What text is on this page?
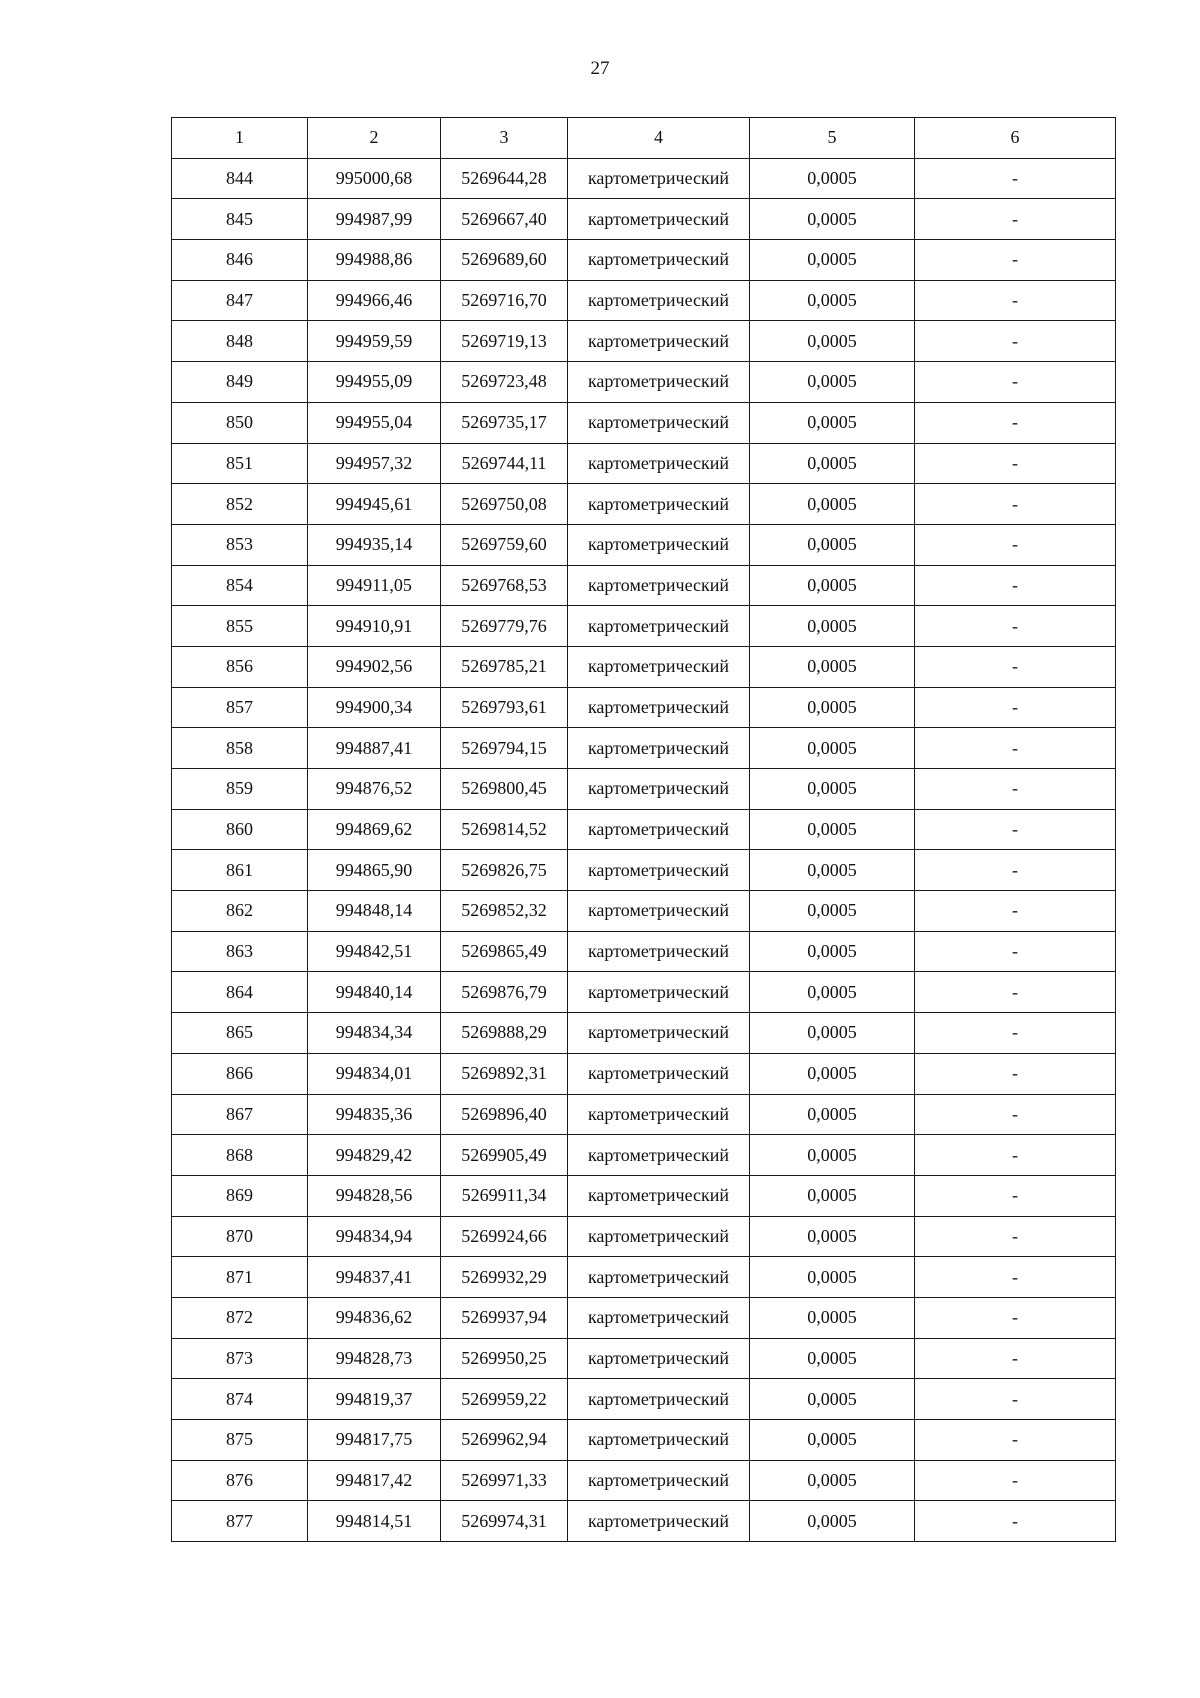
27
1	2	3	4	5	6
844	995000,68	5269644,28	картометрический	0,0005	-
845	994987,99	5269667,40	картометрический	0,0005	-
846	994988,86	5269689,60	картометрический	0,0005	-
847	994966,46	5269716,70	картометрический	0,0005	-
848	994959,59	5269719,13	картометрический	0,0005	-
849	994955,09	5269723,48	картометрический	0,0005	-
850	994955,04	5269735,17	картометрический	0,0005	-
851	994957,32	5269744,11	картометрический	0,0005	-
852	994945,61	5269750,08	картометрический	0,0005	-
853	994935,14	5269759,60	картометрический	0,0005	-
854	994911,05	5269768,53	картометрический	0,0005	-
855	994910,91	5269779,76	картометрический	0,0005	-
856	994902,56	5269785,21	картометрический	0,0005	-
857	994900,34	5269793,61	картометрический	0,0005	-
858	994887,41	5269794,15	картометрический	0,0005	-
859	994876,52	5269800,45	картометрический	0,0005	-
860	994869,62	5269814,52	картометрический	0,0005	-
861	994865,90	5269826,75	картометрический	0,0005	-
862	994848,14	5269852,32	картометрический	0,0005	-
863	994842,51	5269865,49	картометрический	0,0005	-
864	994840,14	5269876,79	картометрический	0,0005	-
865	994834,34	5269888,29	картометрический	0,0005	-
866	994834,01	5269892,31	картометрический	0,0005	-
867	994835,36	5269896,40	картометрический	0,0005	-
868	994829,42	5269905,49	картометрический	0,0005	-
869	994828,56	5269911,34	картометрический	0,0005	-
870	994834,94	5269924,66	картометрический	0,0005	-
871	994837,41	5269932,29	картометрический	0,0005	-
872	994836,62	5269937,94	картометрический	0,0005	-
873	994828,73	5269950,25	картометрический	0,0005	-
874	994819,37	5269959,22	картометрический	0,0005	-
875	994817,75	5269962,94	картометрический	0,0005	-
876	994817,42	5269971,33	картометрический	0,0005	-
877	994814,51	5269974,31	картометрический	0,0005	-
